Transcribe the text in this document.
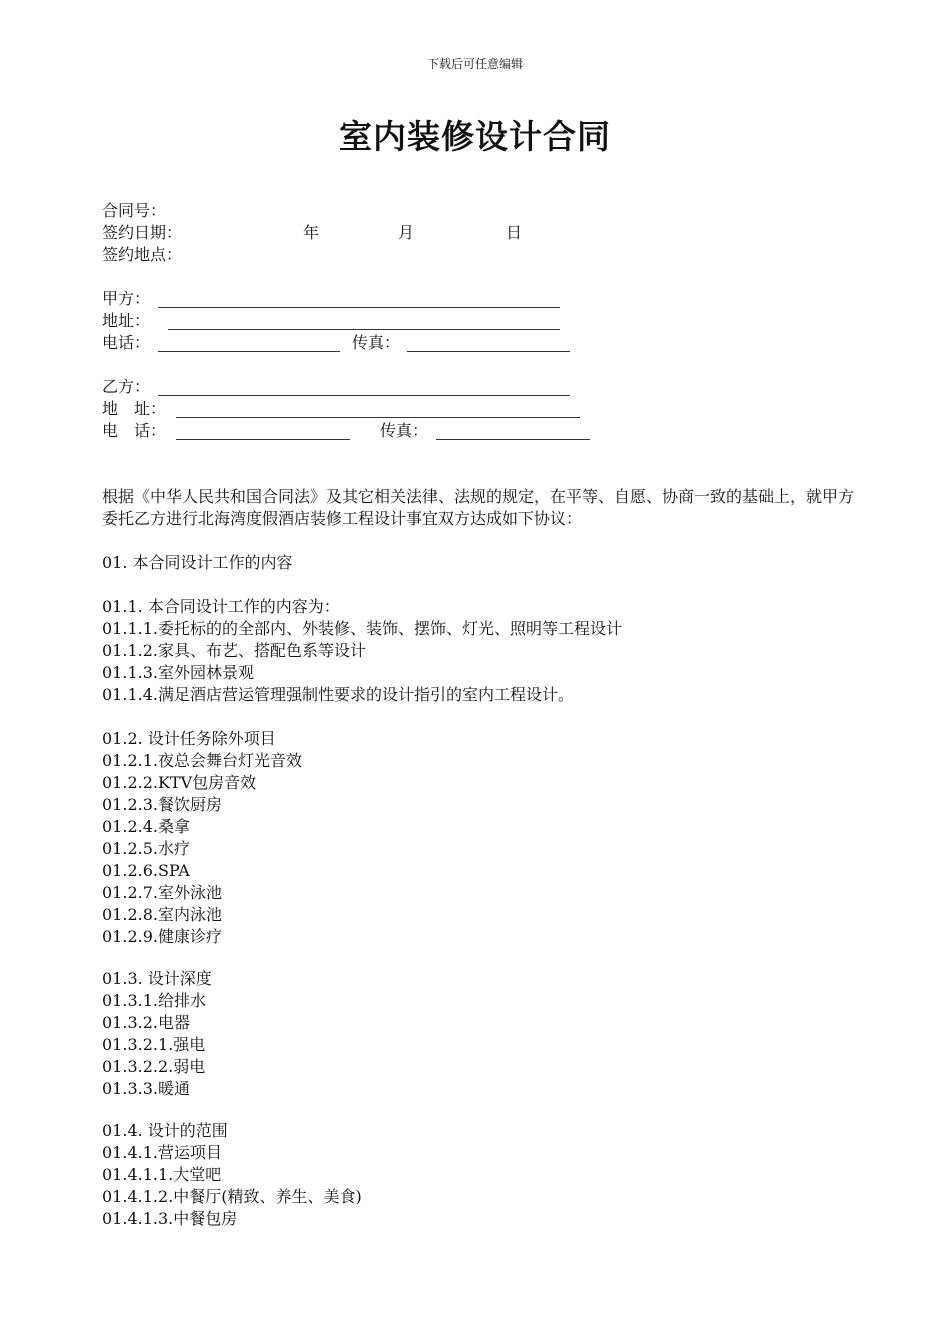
下载后可任意编辑
室内装修设计合同
合同号：
签约日期：	年	月	日
签约地点：
甲方：
地址：
电话：	传真：
乙方：
地　址：
电　话：	传真：
根据《中华人民共和国合同法》及其它相关法律、法规的规定，在平等、自愿、协商一致的基础上，就甲方委托乙方进行北海湾度假酒店装修工程设计事宜双方达成如下协议：
01. 本合同设计工作的内容
01.1. 本合同设计工作的内容为：
01.1.1.委托标的的全部内、外装修、装饰、摆饰、灯光、照明等工程设计
01.1.2.家具、布艺、搭配色系等设计
01.1.3.室外园林景观
01.1.4.满足酒店营运管理强制性要求的设计指引的室内工程设计。
01.2. 设计任务除外项目
01.2.1.夜总会舞台灯光音效
01.2.2.KTV包房音效
01.2.3.餐饮厨房
01.2.4.桑拿
01.2.5.水疗
01.2.6.SPA
01.2.7.室外泳池
01.2.8.室内泳池
01.2.9.健康诊疗
01.3. 设计深度
01.3.1.给排水
01.3.2.电器
01.3.2.1.强电
01.3.2.2.弱电
01.3.3.暖通
01.4. 设计的范围
01.4.1.营运项目
01.4.1.1.大堂吧
01.4.1.2.中餐厅(精致、养生、美食)
01.4.1.3.中餐包房
